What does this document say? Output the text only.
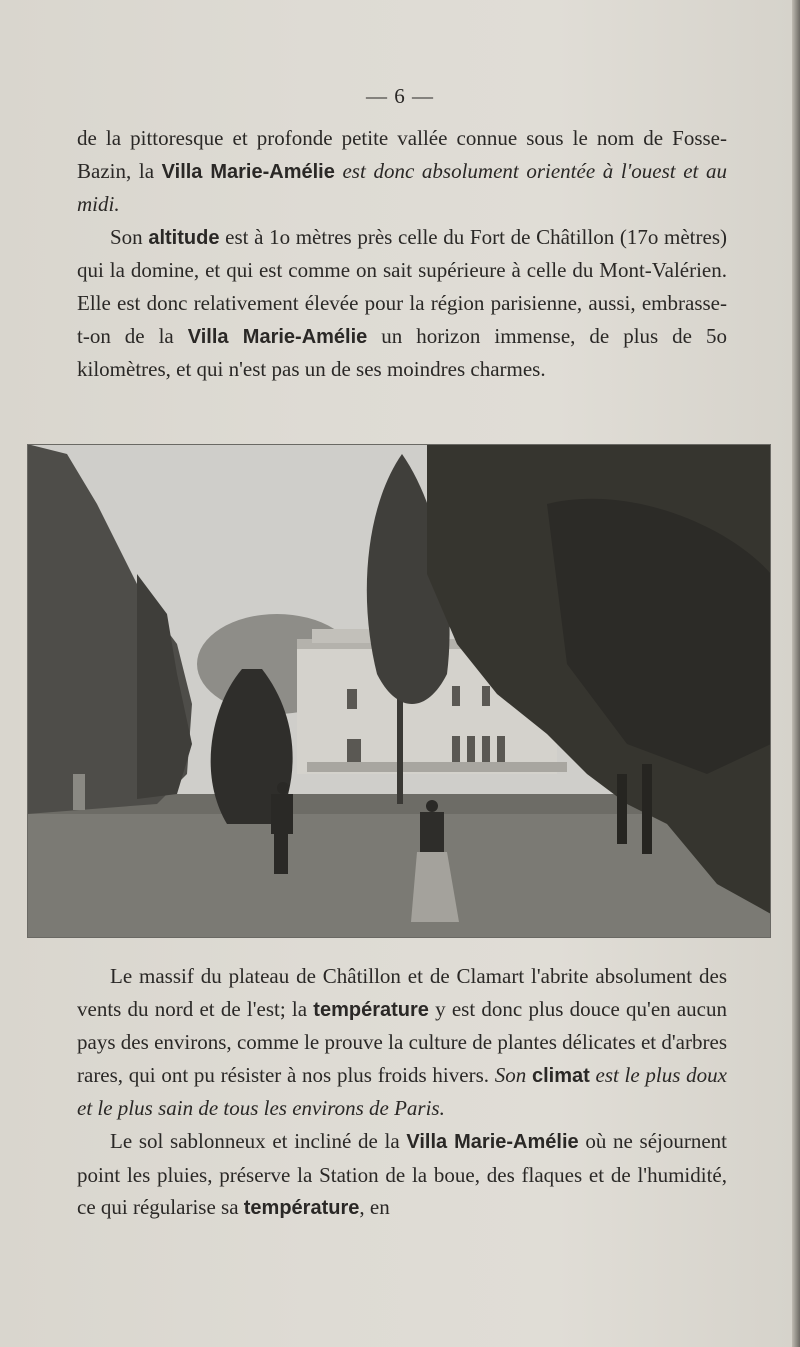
— 6 —

de la pittoresque et profonde petite vallée connue sous le nom de Fosse-Bazin, la Villa Marie-Amélie est donc absolument orientée à l'ouest et au midi.

Son altitude est à 1o mètres près celle du Fort de Châtillon (17o mètres) qui la domine, et qui est comme on sait supérieure à celle du Mont-Valérien. Elle est donc relativement élevée pour la région parisienne, aussi, embrasse-t-on de la Villa Marie-Amélie un horizon immense, de plus de 5o kilomètres, et qui n'est pas un de ses moindres charmes.

Le massif du plateau de Châtillon et de Clamart l'abrite absolument des vents du nord et de l'est; la température y est donc plus douce qu'en aucun pays des environs, comme le prouve la culture de plantes délicates et d'arbres rares, qui ont pu résister à nos plus froids hivers. Son climat est le plus doux et le plus sain de tous les environs de Paris.

Le sol sablonneux et incliné de la Villa Marie-Amélie où ne séjournent point les pluies, préserve la Station de la boue, des flaques et de l'humidité, ce qui régularise sa température, en
